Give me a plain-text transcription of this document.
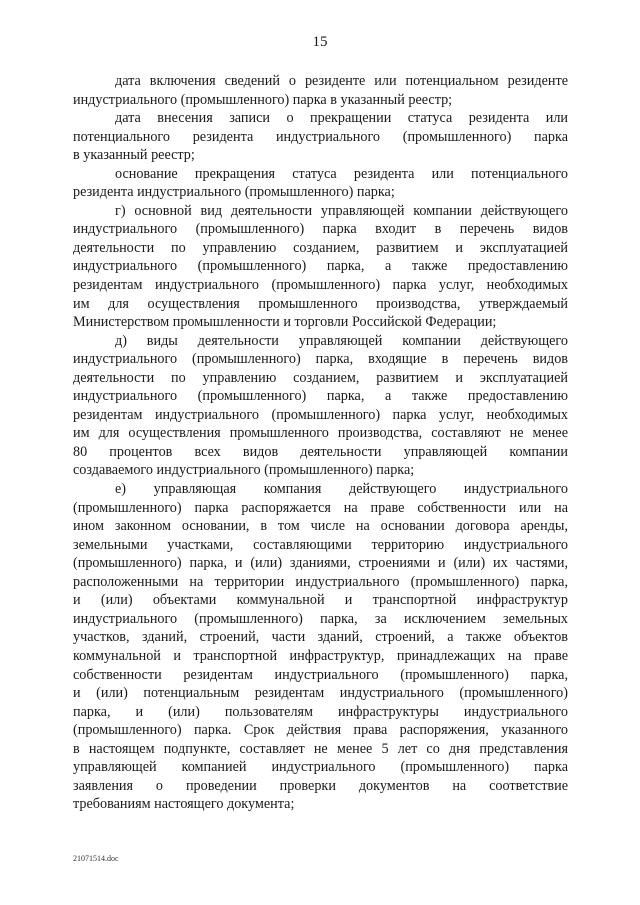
15
дата включения сведений о резиденте или потенциальном резиденте
индустриального (промышленного) парка в указанный реестр;
дата внесения записи о прекращении статуса резидента или
потенциального резидента индустриального (промышленного) парка
в указанный реестр;
основание прекращения статуса резидента или потенциального
резидента индустриального (промышленного) парка;
г) основной вид деятельности управляющей компании действующего
индустриального (промышленного) парка входит в перечень видов
деятельности по управлению созданием, развитием и эксплуатацией
индустриального (промышленного) парка, а также предоставлению
резидентам индустриального (промышленного) парка услуг, необходимых
им для осуществления промышленного производства, утверждаемый
Министерством промышленности и торговли Российской Федерации;
д) виды деятельности управляющей компании действующего
индустриального (промышленного) парка, входящие в перечень видов
деятельности по управлению созданием, развитием и эксплуатацией
индустриального (промышленного) парка, а также предоставлению
резидентам индустриального (промышленного) парка услуг, необходимых
им для осуществления промышленного производства, составляют не менее
80 процентов всех видов деятельности управляющей компании
создаваемого индустриального (промышленного) парка;
е) управляющая компания действующего индустриального
(промышленного) парка распоряжается на праве собственности или на
ином законном основании, в том числе на основании договора аренды,
земельными участками, составляющими территорию индустриального
(промышленного) парка, и (или) зданиями, строениями и (или) их частями,
расположенными на территории индустриального (промышленного) парка,
и (или) объектами коммунальной и транспортной инфраструктур
индустриального (промышленного) парка, за исключением земельных
участков, зданий, строений, части зданий, строений, а также объектов
коммунальной и транспортной инфраструктур, принадлежащих на праве
собственности резидентам индустриального (промышленного) парка,
и (или) потенциальным резидентам индустриального (промышленного)
парка, и (или) пользователям инфраструктуры индустриального
(промышленного) парка. Срок действия права распоряжения, указанного
в настоящем подпункте, составляет не менее 5 лет со дня представления
управляющей компанией индустриального (промышленного) парка
заявления о проведении проверки документов на соответствие
требованиям настоящего документа;
21071514.doc
